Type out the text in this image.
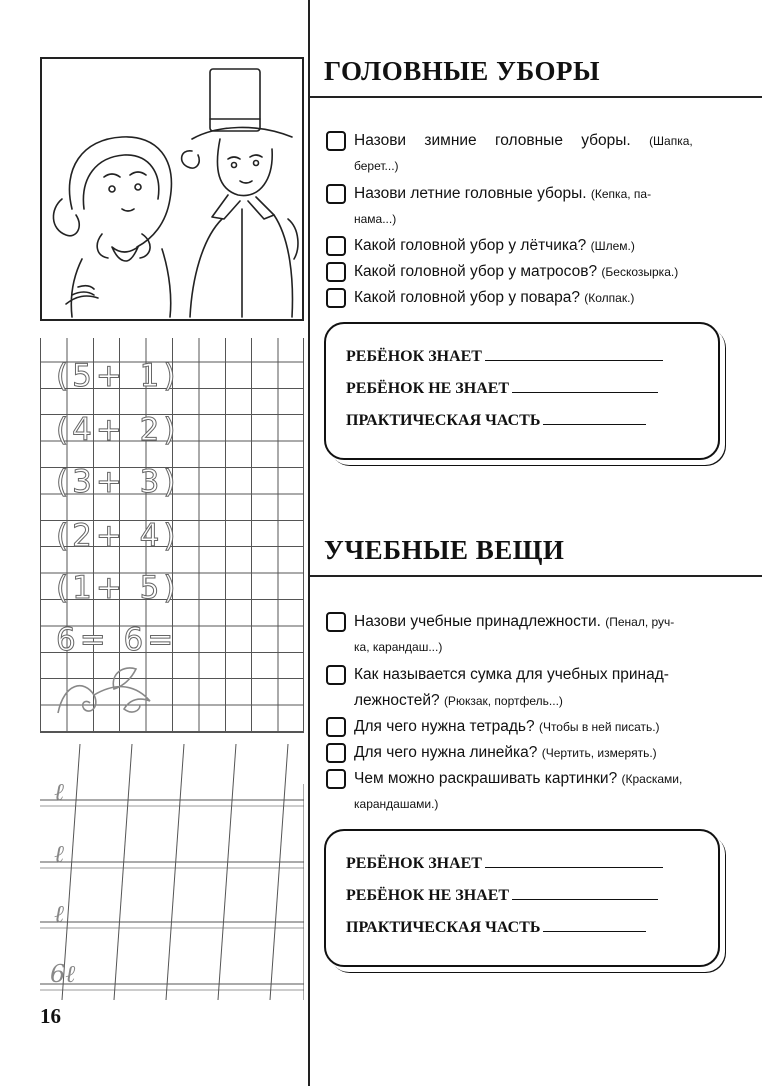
(5+ 1)
(4+ 2)
(3+ 3)
(2+ 4)
(1+ 5)
6= 6=
ℓ
ℓ
ℓ
6ℓ
16
ГОЛОВНЫЕ УБОРЫ
Назови зимние головные уборы. (Шапка,
берет...)
Назови летние головные уборы. (Кепка, па-
нама...)
Какой головной убор у лётчика? (Шлем.)
Какой головной убор у матросов? (Бескозырка.)
Какой головной убор у повара? (Колпак.)
РЕБЁНОК ЗНАЕТ
РЕБЁНОК НЕ ЗНАЕТ
ПРАКТИЧЕСКАЯ ЧАСТЬ
УЧЕБНЫЕ ВЕЩИ
Назови учебные принадлежности. (Пенал, руч-
ка, карандаш...)
Как называется сумка для учебных принад-
лежностей? (Рюкзак, портфель...)
Для чего нужна тетрадь? (Чтобы в ней писать.)
Для чего нужна линейка? (Чертить, измерять.)
Чем можно раскрашивать картинки? (Красками,
карандашами.)
РЕБЁНОК ЗНАЕТ
РЕБЁНОК НЕ ЗНАЕТ
ПРАКТИЧЕСКАЯ ЧАСТЬ
